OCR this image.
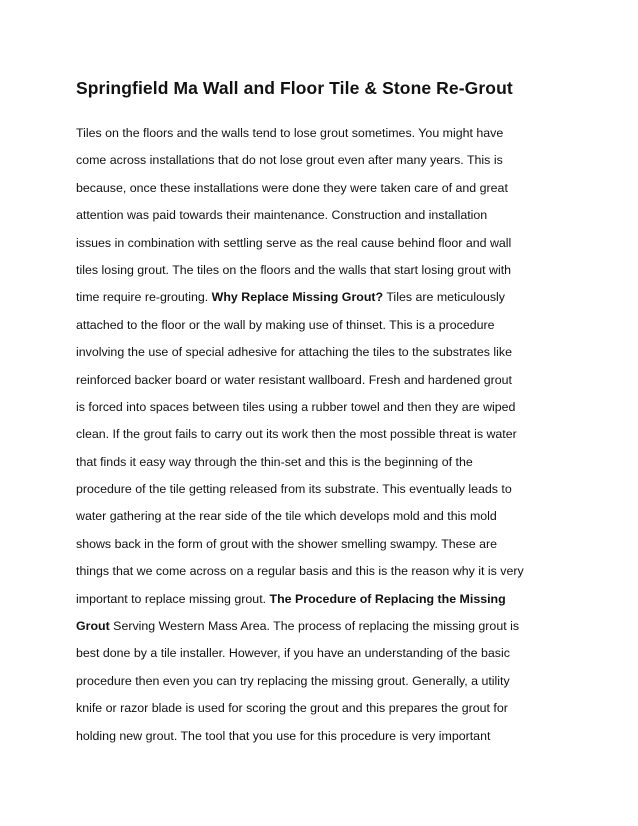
Springfield Ma Wall and Floor Tile & Stone Re-Grout
Tiles on the floors and the walls tend to lose grout sometimes. You might have
come across installations that do not lose grout even after many years. This is
because, once these installations were done they were taken care of and great
attention was paid towards their maintenance. Construction and installation
issues in combination with settling serve as the real cause behind floor and wall
tiles losing grout. The tiles on the floors and the walls that start losing grout with
time require re-grouting. Why Replace Missing Grout? Tiles are meticulously
attached to the floor or the wall by making use of thinset. This is a procedure
involving the use of special adhesive for attaching the tiles to the substrates like
reinforced backer board or water resistant wallboard. Fresh and hardened grout
is forced into spaces between tiles using a rubber towel and then they are wiped
clean. If the grout fails to carry out its work then the most possible threat is water
that finds it easy way through the thin-set and this is the beginning of the
procedure of the tile getting released from its substrate. This eventually leads to
water gathering at the rear side of the tile which develops mold and this mold
shows back in the form of grout with the shower smelling swampy. These are
things that we come across on a regular basis and this is the reason why it is very
important to replace missing grout. The Procedure of Replacing the Missing
Grout Serving Western Mass Area. The process of replacing the missing grout is
best done by a tile installer. However, if you have an understanding of the basic
procedure then even you can try replacing the missing grout. Generally, a utility
knife or razor blade is used for scoring the grout and this prepares the grout for
holding new grout. The tool that you use for this procedure is very important
